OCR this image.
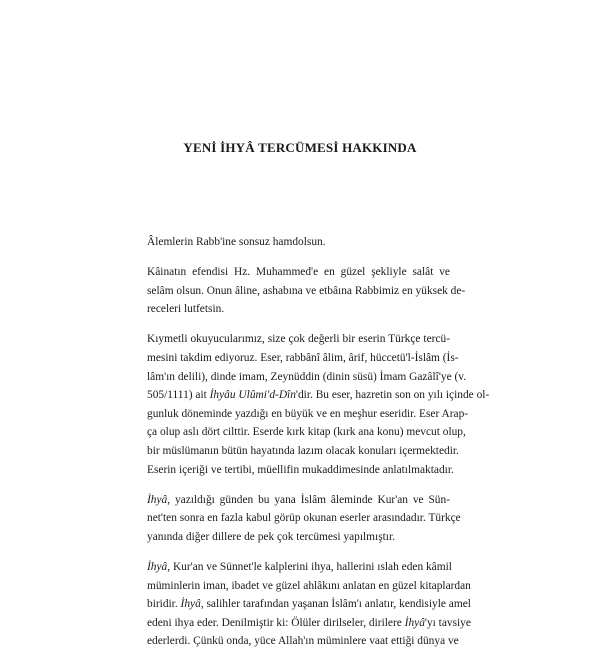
YENİ İHYÂ TERCÜMESİ HAKKINDA

Âlemlerin Rabb'ine sonsuz hamdolsun.

Kâinatın efendisi Hz. Muhammed'e en güzel şekliyle salât ve
selâm olsun. Onun âline, ashabına ve etbâına Rabbimiz en yüksek de-
receleri lutfetsin.

Kıymetli okuyucularımız, size çok değerli bir eserin Türkçe tercü-
mesini takdim ediyoruz. Eser, rabbânî âlim, ârif, hüccetü'l-İslâm (İs-
lâm'ın delili), dinde imam, Zeynüddin (dinin süsü) İmam Gazâlî'ye (v.
505/1111) ait İhyâu Ulûmi'd-Dîn'dir. Bu eser, hazretin son on yılı içinde ol-
gunluk döneminde yazdığı en büyük ve en meşhur eseridir. Eser Arap-
ça olup aslı dört cilttir. Eserde kırk kitap (kırk ana konu) mevcut olup,
bir müslümanın bütün hayatında lazım olacak konuları içermektedir.
Eserin içeriği ve tertibi, müellifin mukaddimesinde anlatılmaktadır.

İhyâ, yazıldığı günden bu yana İslâm âleminde Kur'an ve Sün-
net'ten sonra en fazla kabul görüp okunan eserler arasındadır. Türkçe
yanında diğer dillere de pek çok tercümesi yapılmıştır.

İhyâ, Kur'an ve Sünnet'le kalplerini ihya, hallerini ıslah eden kâmil
müminlerin iman, ibadet ve güzel ahlâkını anlatan en güzel kitaplardan
biridir. İhyâ, salihler tarafından yaşanan İslâm'ı anlatır, kendisiyle amel
edeni ihya eder. Denilmiştir ki: Ölüler dirilseler, dirilere İhyâ'yı tavsiye
ederlerdi. Çünkü onda, yüce Allah'ın müminlere vaat ettiği dünya ve
